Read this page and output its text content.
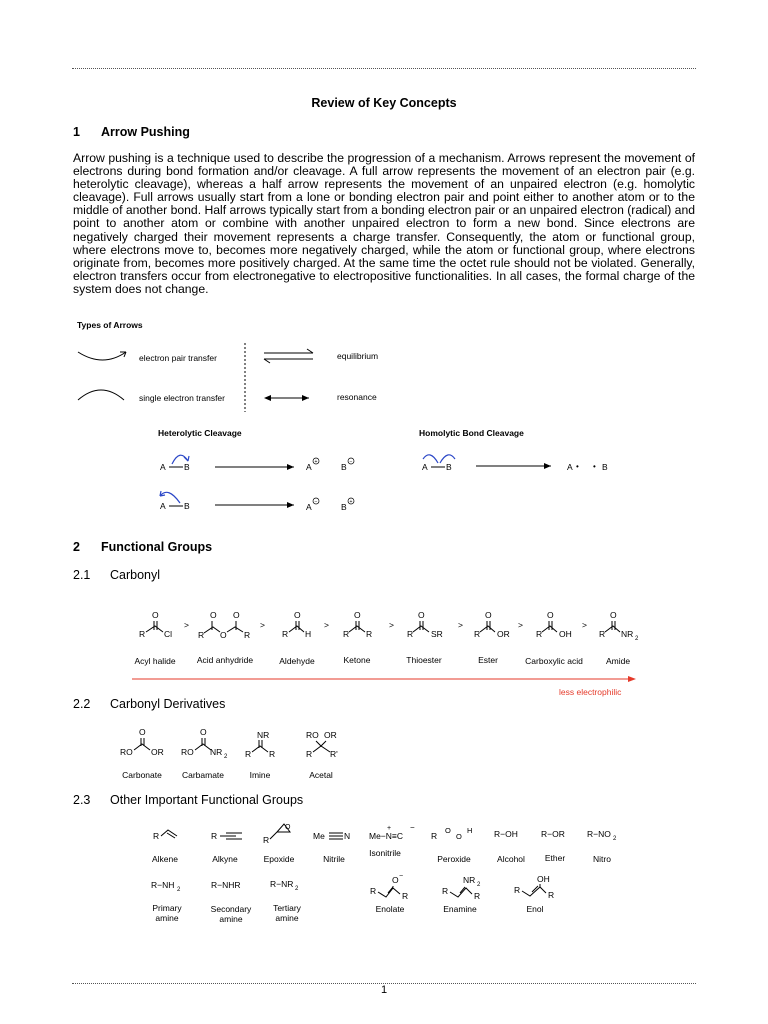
Review of Key Concepts
1 Arrow Pushing
Arrow pushing is a technique used to describe the progression of a mechanism. Arrows represent the movement of electrons during bond formation and/or cleavage. A full arrow represents the movement of an electron pair (e.g. heterolytic cleavage), whereas a half arrow represents the movement of an unpaired electron (e.g. homolytic cleavage). Full arrows usually start from a lone or bonding electron pair and point either to another atom or to the middle of another bond. Half arrows typically start from a bonding electron pair or an unpaired electron (radical) and point to another atom or combine with another unpaired electron to form a new bond. Since electrons are negatively charged their movement represents a charge transfer. Consequently, the atom or functional group, where electrons move to, becomes more negatively charged, while the atom or functional group, where electrons originate from, becomes more positively charged. At the same time the octet rule should not be violated. Generally, electron transfers occur from electronegative to electropositive functionalities. In all cases, the formal charge of the system does not change.
Types of Arrows
electron pair transfer
single electron transfer
equilibrium
resonance
Heterolytic Cleavage	Homolytic Bond Cleavage
A B	A +	B −
A B	A −	B +
A B	A • • B
2 Functional Groups
2.1 Carbonyl
O
R Cl
>
O O
R O R
>
O
R H
>
O
R R
>
O
R SR
>
O
R OR
>
O
R OH
>
O
R NR 2
Acyl halide	Acid anhydride	Aldehyde	Ketone	Thioester	Ester	Carboxylic acid	Amide
less electrophilic
2.2 Carbonyl Derivatives
O
RO OR
O
RO NR 2
NR
R R
RO OR
R R'
Carbonate Carbamate	Imine	Acetal
2.3 Other Important Functional Groups
R	R	R
O
Me N Me−N≡C
+ −
R
O
O
H	R−OH	R−OR	R−NO 2
Alkene	Alkyne	Epoxide	Nitrile
Isonitrile
Peroxide	Alcohol Ether	Nitro
R−NH 2	R−NHR	R−NR 2
O −
R	R
NR 2
R	R
OH
R	R
Primary amine
Secondary amine
Tertiary amine
Enolate	Enamine	Enol
1
